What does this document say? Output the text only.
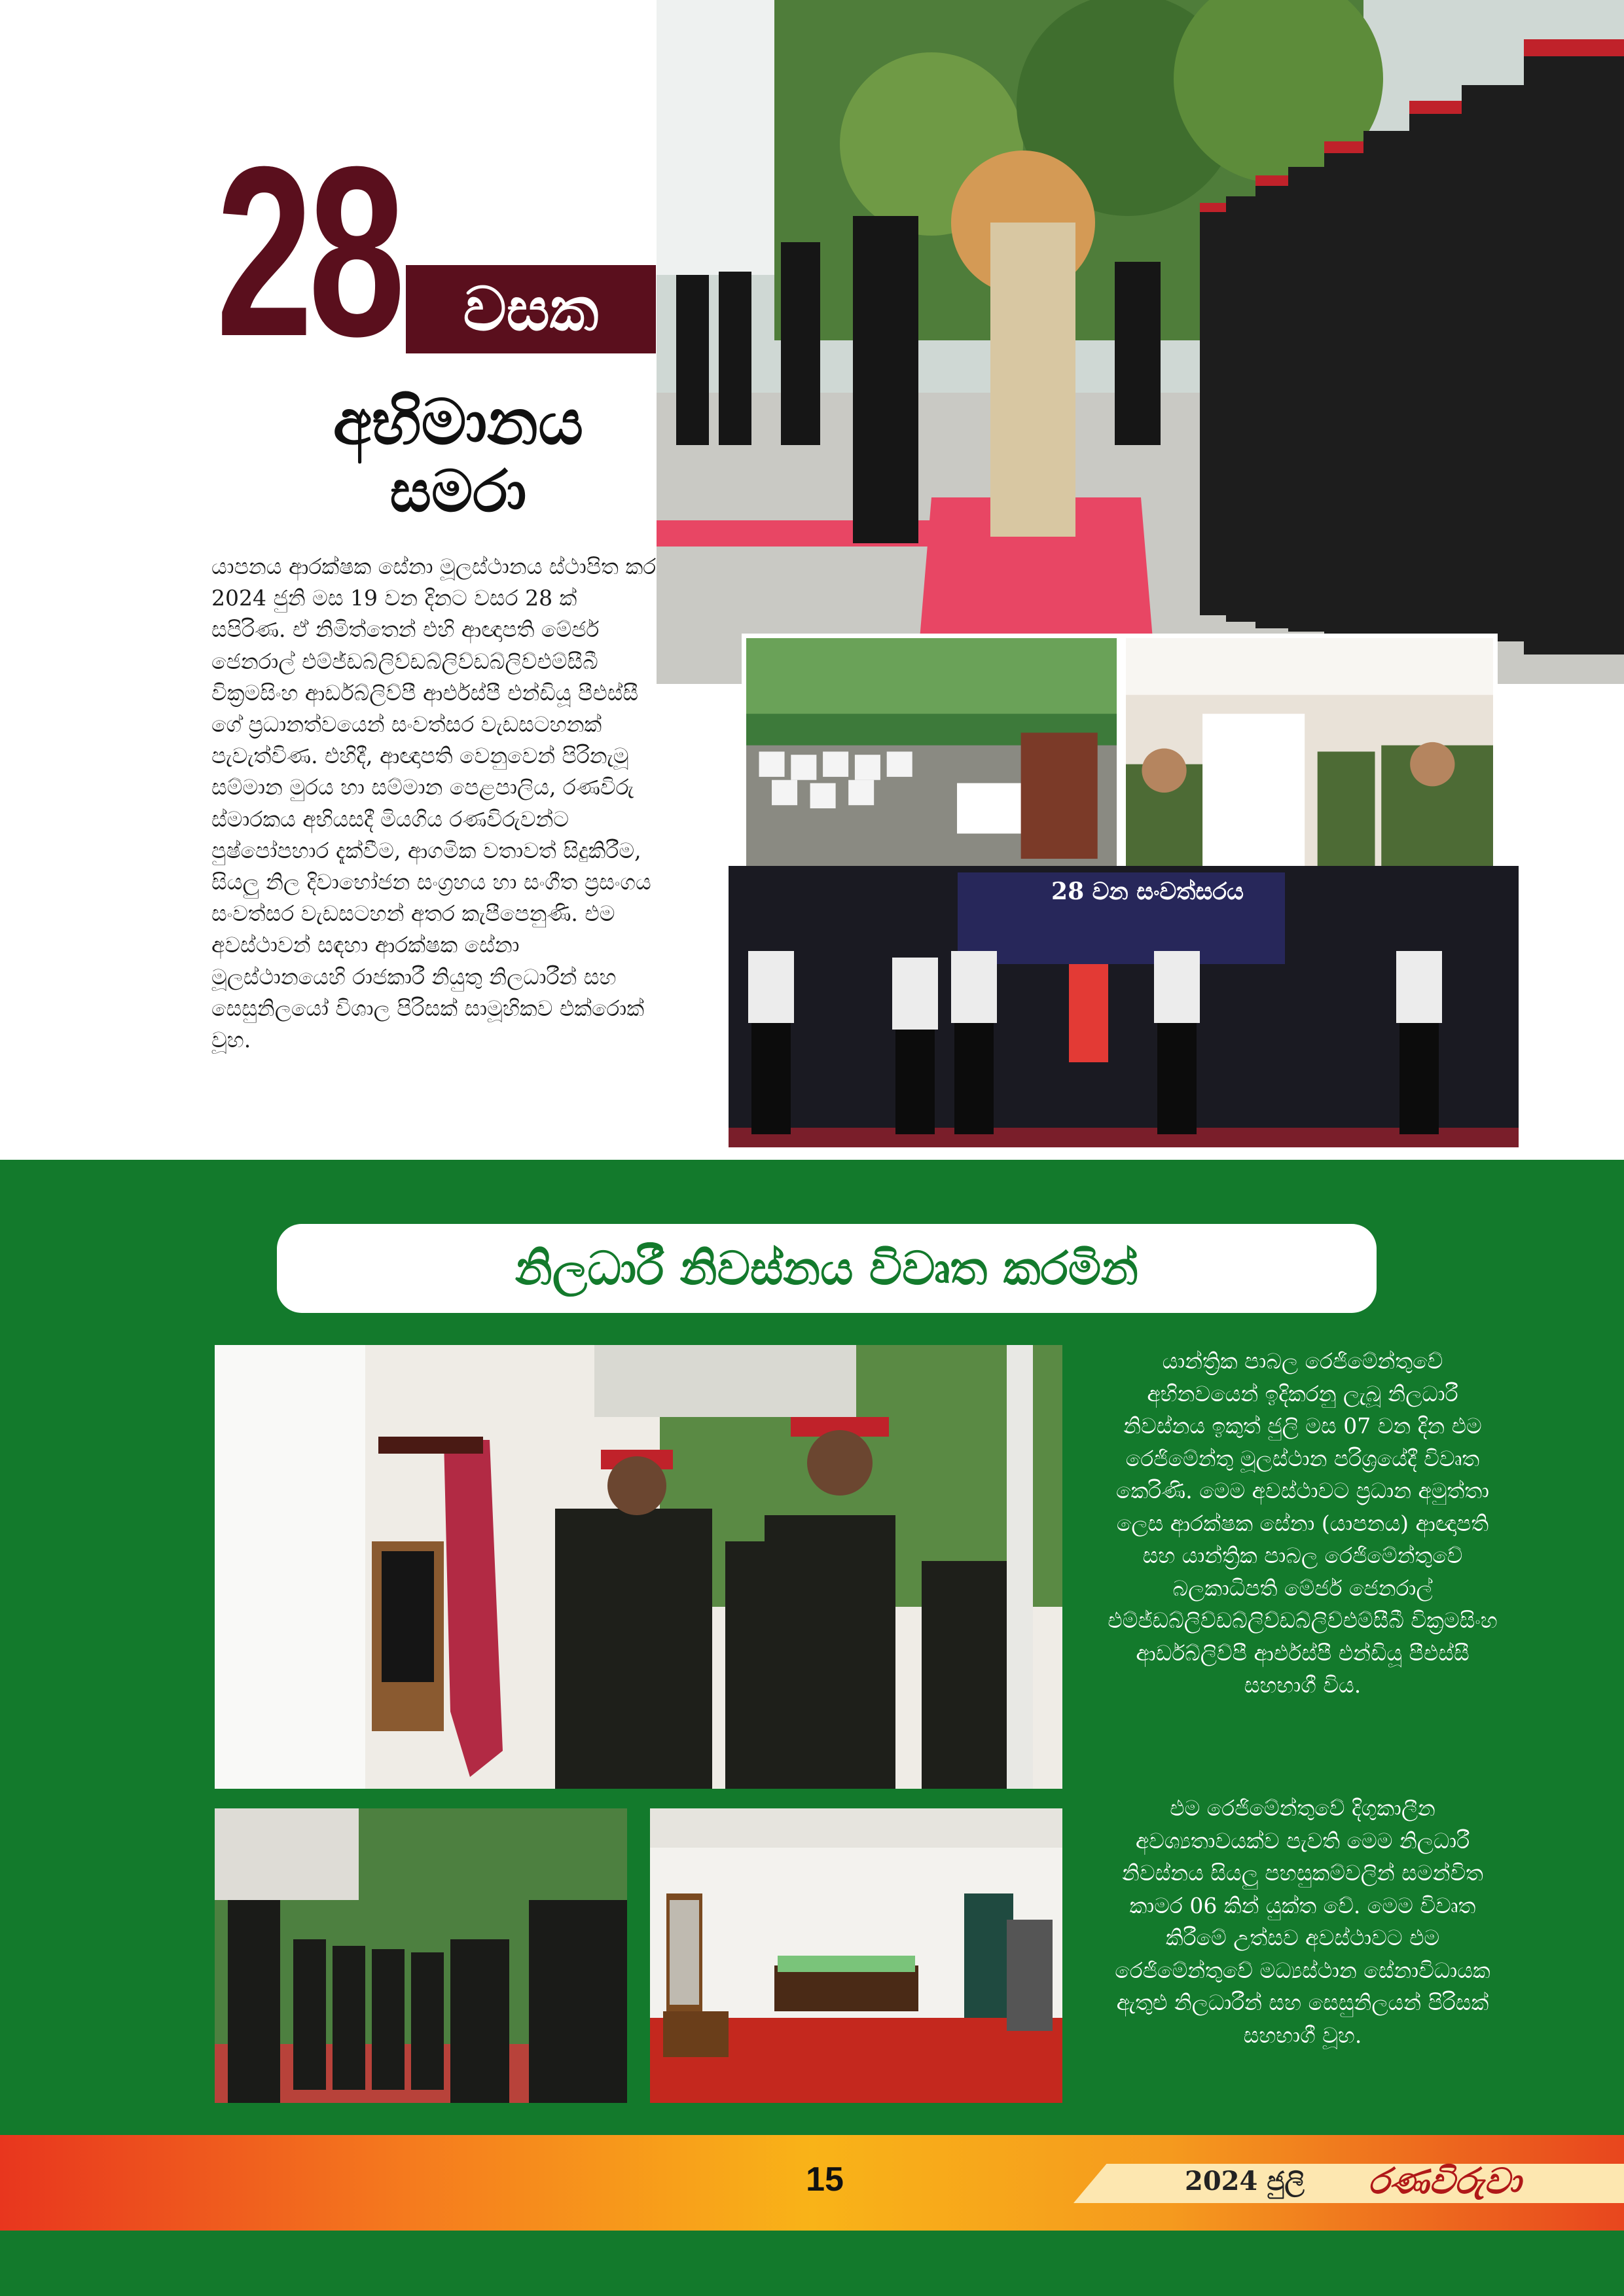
28 වසක
අභිමානය
සමරා
යාපනය ආරක්ෂක සේනා මූලස්ථානය ස්ථාපිත කර 2024 ජුනි මස 19 වන දිනට වසර 28 ක් සපිරිණ. ඒ නිමිත්තෙන් එහි ආඥාපති මේජර් ජෙනරාල් එම්ජ්ඩබ්ලිව්ඩබ්ලිව්ඩබ්ලිව්එම්සීබී වික්‍රමසිංහ ආර්ඩබ්ලිව්පී ආර්එස්පී එන්ඩියූ පීඑස්සී ගේ ප්‍රධානත්වයෙන් සංවත්සර වැඩසටහනක් පැවැත්විණ. එහිදී, ආඥාපති වෙනුවෙන් පිරිනැමූ සම්මාන මුරය හා සම්මාන පෙළපාලිය, රණවිරු ස්මාරකය අභියසදී මියගිය රණවිරුවන්ට පුෂ්පෝපහාර දැක්වීම, ආගමික වතාවත් සිදුකිරීම, සියලු නිල දිවාභෝජන සංග්‍රහය හා සංගීත ප්‍රසංගය සංවත්සර වැඩසටහන් අතර කැපීපෙනුණි. එම අවස්ථාවන් සඳහා ආරක්ෂක සේනා මූලස්ථානයෙහි රාජකාරී නියුතු නිලධාරීන් සහ සෙසුනිලයෝ විශාල පිරිසක් සාමූහිකව එක්රොක් වූහ.
28 වන සංවත්සරය
නිලධාරී නිවස්නය විවෘත කරමින්
යාන්ත්‍රික පාබල රෙජිමේන්තුවේ අභිනවයෙන් ඉදිකරනු ලැබූ නිලධාරී නිවස්නය ඉකුත් ජුලි මස 07 වන දින එම රෙජිමේන්තු මූලස්ථාන පරිශ්‍රයේදී විවෘත කෙරිණි. මෙම අවස්ථාවට ප්‍රධාන අමුත්තා ලෙස ආරක්ෂක සේනා (යාපනය) ආඥාපති සහ යාන්ත්‍රික පාබල රෙජිමේන්තුවේ බලකාධිපති මේජර් ජෙනරාල් එම්ජ්ඩබ්ලිව්ඩබ්ලිව්ඩබ්ලිව්එම්සීබී වික්‍රමසිංහ ආර්ඩබ්ලිව්පී ආර්එස්පී එන්ඩියූ පීඑස්සී සහභාගී විය.
එම රෙජිමේන්තුවේ දිගුකාලීන අවශ්‍යතාවයක්ව පැවති මෙම නිලධාරී නිවස්නය සියලු පහසුකම්වලින් සමන්විත කාමර 06 කින් යුක්ත වේ. මෙම විවෘත කිරීමේ උත්සව අවස්ථාවට එම රෙජිමේන්තුවේ මධ්‍යස්ථාන සේනාවිධායක ඇතුළු නිලධාරීන් සහ සෙසුනිලයන් පිරිසක් සහභාගී වූහ.
15	2024 ජුලි	රණවිරුවා
